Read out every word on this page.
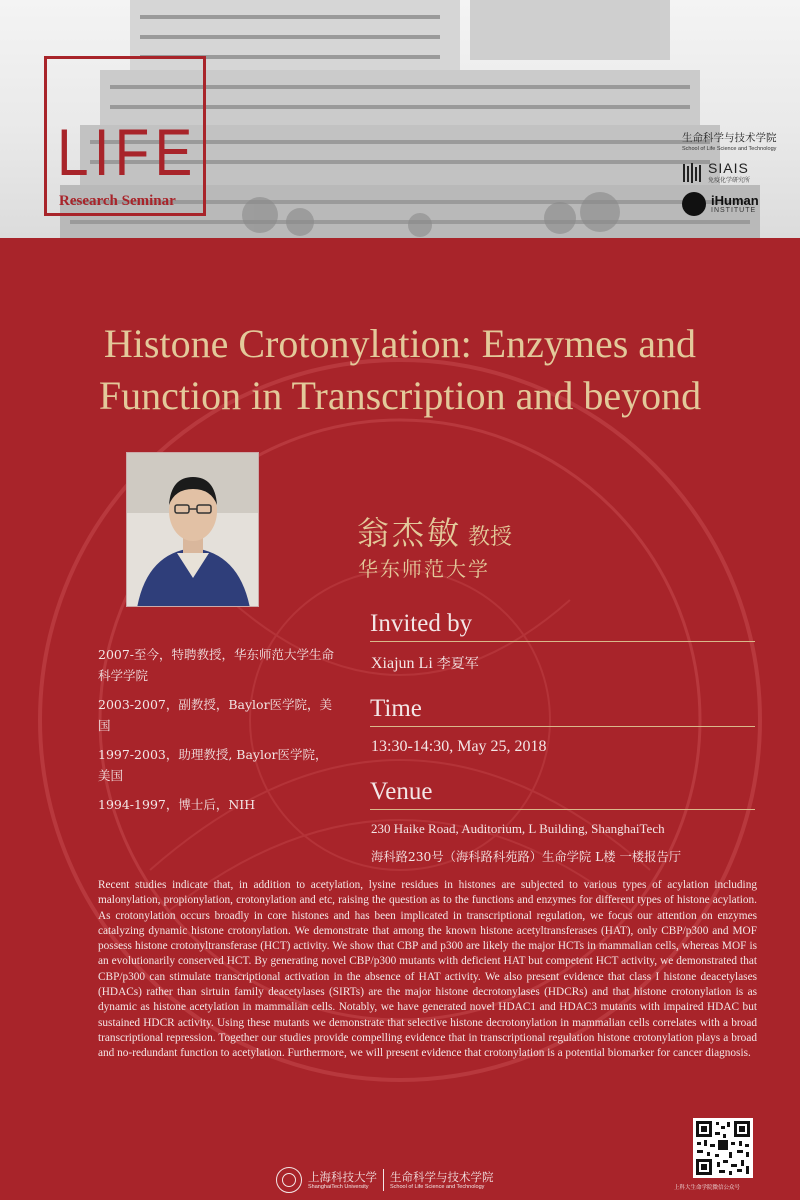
LIFE
Research Seminar
生命科学与技术学院
School of Life Science and Technology
SIAIS
免疫化学研究所
iHuman
INSTITUTE
Histone Crotonylation: Enzymes and
Function in Transcription and beyond
翁杰敏 教授
华东师范大学
2007-至今，特聘教授，华东师范大学生命科学学院
2003-2007，副教授，Baylor医学院，美国
1997-2003，助理教授, Baylor医学院，美国
1994-1997，博士后，NIH
Invited by
Xiajun Li 李夏军
Time
13:30-14:30, May 25, 2018
Venue
230 Haike Road, Auditorium, L Building, ShanghaiTech
海科路230号（海科路科苑路）生命学院 L楼 一楼报告厅
Recent studies indicate that, in addition to acetylation, lysine residues in histones are subjected to various types of acylation including malonylation, propionylation, crotonylation and etc, raising the question as to the functions and enzymes for different types of histone acylation. As crotonylation occurs broadly in core histones and has been implicated in transcriptional regulation, we focus our attention on enzymes catalyzing dynamic histone crotonylation. We demonstrate that among the known histone acetyltransferases (HAT), only CBP/p300 and MOF possess histone crotonyltransferase (HCT) activity. We show that CBP and p300 are likely the major HCTs in mammalian cells, whereas MOF is an evolutionarily conserved HCT. By generating novel CBP/p300 mutants with deficient HAT but competent HCT activity, we demonstrated that CBP/p300 can stimulate transcriptional activation in the absence of HAT activity. We also present evidence that class I histone deacetylases (HDACs) rather than sirtuin family deacetylases (SIRTs) are the major histone decrotonylases (HDCRs) and that histone crotonylation is as dynamic as histone acetylation in mammalian cells. Notably, we have generated novel HDAC1 and HDAC3 mutants with impaired HDAC but sustained HDCR activity. Using these mutants we demonstrate that selective histone decrotonylation in mammalian cells correlates with a broad transcriptional repression. Together our studies provide compelling evidence that in transcriptional regulation histone crotonylation plays a broad and no-redundant function to acetylation. Furthermore, we will present evidence that crotonylation is a potential biomarker for cancer diagnosis.
上海科技大学
ShanghaiTech University
生命科学与技术学院
School of Life Science and Technology	上科大生命学院微信公众号
